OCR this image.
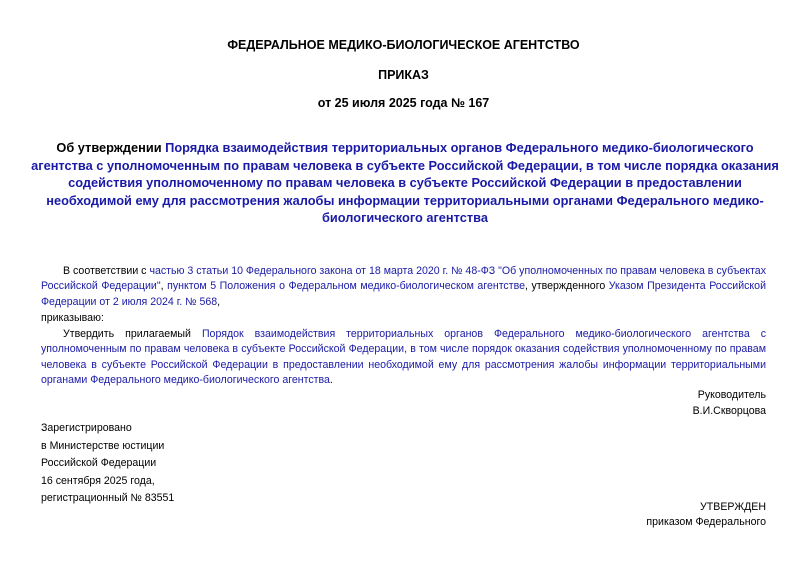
ФЕДЕРАЛЬНОЕ МЕДИКО-БИОЛОГИЧЕСКОЕ АГЕНТСТВО
ПРИКАЗ
от 25 июля 2025 года № 167
Об утверждении Порядка взаимодействия территориальных органов Федерального медико-биологического агентства с уполномоченным по правам человека в субъекте Российской Федерации, в том числе порядка оказания содействия уполномоченному по правам человека в субъекте Российской Федерации в предоставлении необходимой ему для рассмотрения жалобы информации территориальными органами Федерального медико-биологического агентства
В соответствии с частью 3 статьи 10 Федерального закона от 18 марта 2020 г. № 48-ФЗ "Об уполномоченных по правам человека в субъектах Российской Федерации", пунктом 5 Положения о Федеральном медико-биологическом агентстве, утвержденного Указом Президента Российской Федерации от 2 июля 2024 г. № 568,
приказываю:
Утвердить прилагаемый Порядок взаимодействия территориальных органов Федерального медико-биологического агентства с уполномоченным по правам человека в субъекте Российской Федерации, в том числе порядок оказания содействия уполномоченному по правам человека в субъекте Российской Федерации в предоставлении необходимой ему для рассмотрения жалобы информации территориальными органами Федерального медико-биологического агентства.
Руководитель
В.И.Скворцова
Зарегистрировано
в Министерстве юстиции
Российской Федерации
16 сентября 2025 года,
регистрационный № 83551
УТВЕРЖДЕН
приказом Федерального
